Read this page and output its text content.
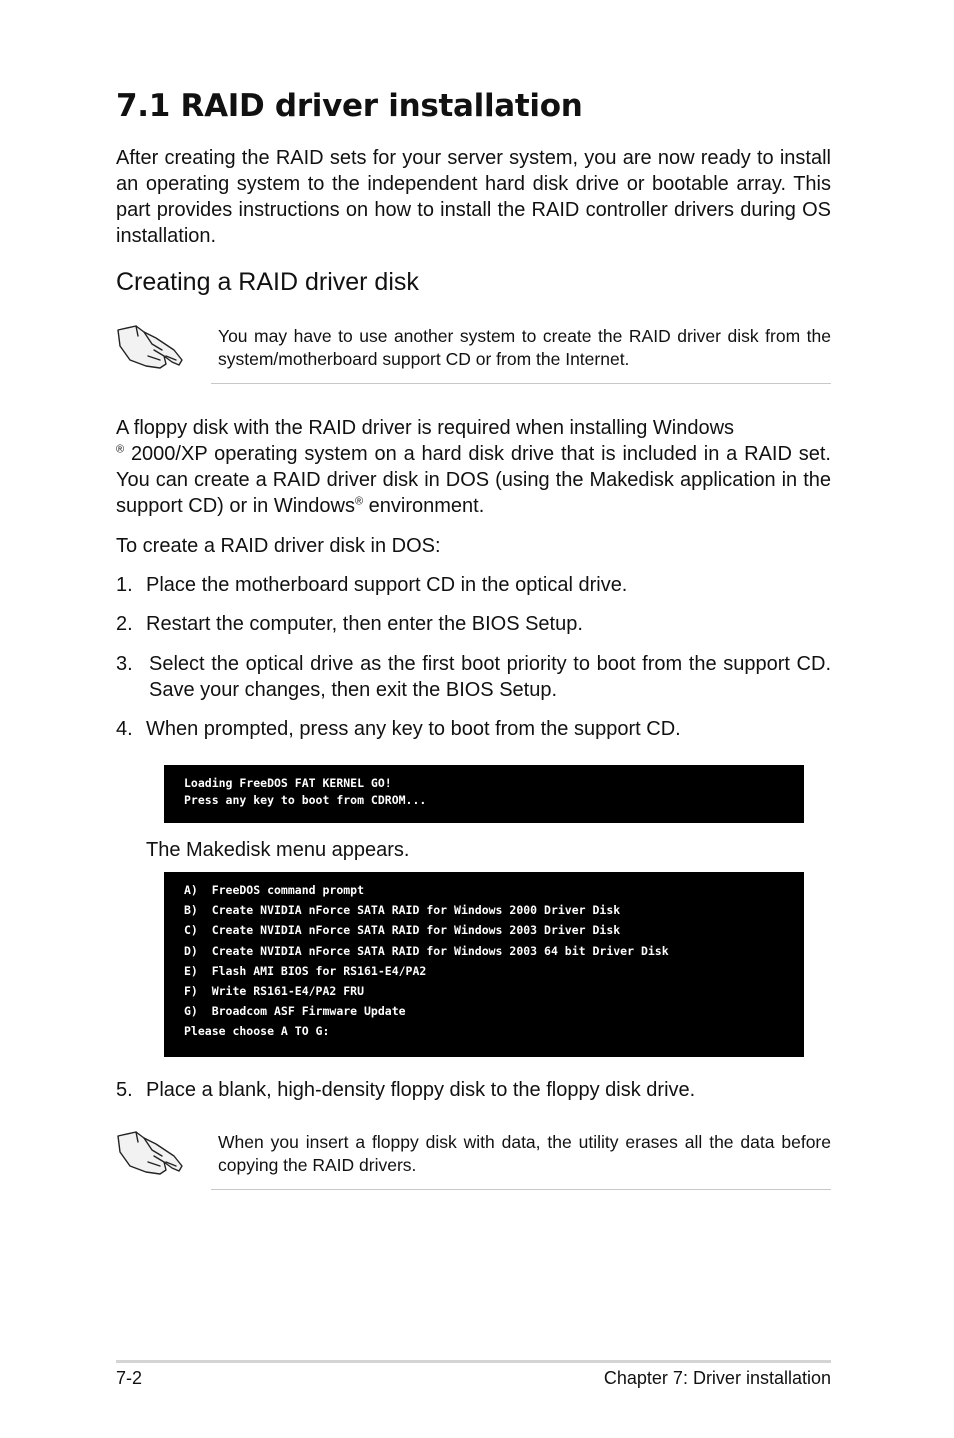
7.1 RAID driver installation

After creating the RAID sets for your server system, you are now ready to install an operating system to the independent hard disk drive or bootable array. This part provides instructions on how to install the RAID controller drivers during OS installation.

Creating a RAID driver disk
You may have to use another system to create the RAID driver disk from the system/motherboard support CD or from the Internet.

A floppy disk with the RAID driver is required when installing Windows
® 2000/XP operating system on a hard disk drive that is included in a RAID set. You can create a RAID driver disk in DOS (using the Makedisk application in the support CD) or in Windows® environment.

To create a RAID driver disk in DOS:

1. Place the motherboard support CD in the optical drive.
2. Restart the computer, then enter the BIOS Setup.
3. Select the optical drive as the first boot priority to boot from the support CD. Save your changes, then exit the BIOS Setup.
4. When prompted, press any key to boot from the support CD.
Loading FreeDOS FAT KERNEL GO!
Press any key to boot from CDROM...
The Makedisk menu appears.
A)  FreeDOS command prompt
B)  Create NVIDIA nForce SATA RAID for Windows 2000 Driver Disk
C)  Create NVIDIA nForce SATA RAID for Windows 2003 Driver Disk
D)  Create NVIDIA nForce SATA RAID for Windows 2003 64 bit Driver Disk
E)  Flash AMI BIOS for RS161-E4/PA2
F)  Write RS161-E4/PA2 FRU
G)  Broadcom ASF Firmware Update
Please choose A TO G:
5. Place a blank, high-density floppy disk to the floppy disk drive.
When you insert a floppy disk with data, the utility erases all the data before copying the RAID drivers.
7-2	Chapter 7: Driver installation
